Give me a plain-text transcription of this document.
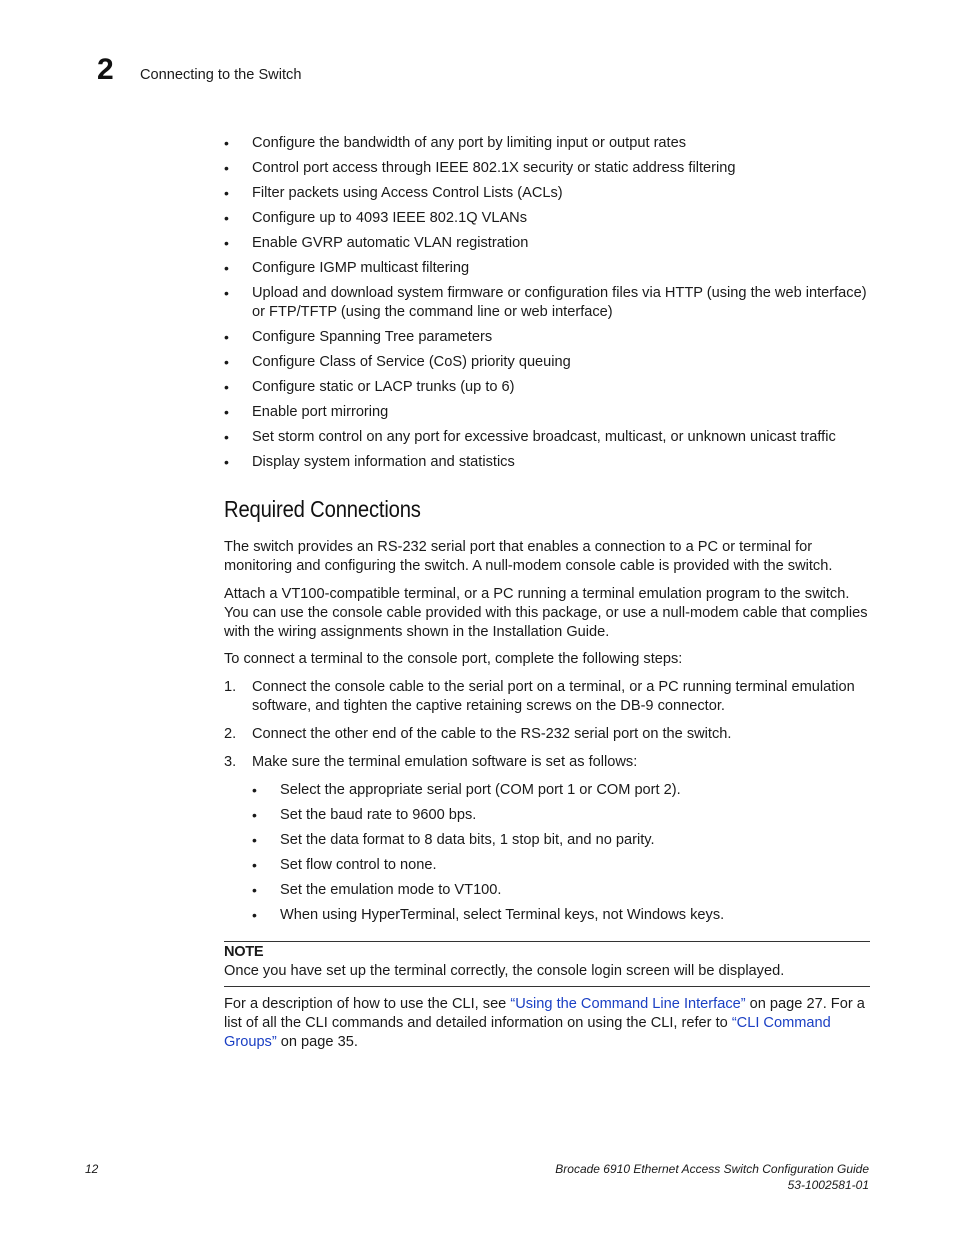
2 Connecting to the Switch
• Configure the bandwidth of any port by limiting input or output rates
• Control port access through IEEE 802.1X security or static address filtering
• Filter packets using Access Control Lists (ACLs)
• Configure up to 4093 IEEE 802.1Q VLANs
• Enable GVRP automatic VLAN registration
• Configure IGMP multicast filtering
• Upload and download system firmware or configuration files via HTTP (using the web interface) or FTP/TFTP (using the command line or web interface)
• Configure Spanning Tree parameters
• Configure Class of Service (CoS) priority queuing
• Configure static or LACP trunks (up to 6)
• Enable port mirroring
• Set storm control on any port for excessive broadcast, multicast, or unknown unicast traffic
• Display system information and statistics
Required Connections

The switch provides an RS-232 serial port that enables a connection to a PC or terminal for monitoring and configuring the switch. A null-modem console cable is provided with the switch.

Attach a VT100-compatible terminal, or a PC running a terminal emulation program to the switch. You can use the console cable provided with this package, or use a null-modem cable that complies with the wiring assignments shown in the Installation Guide.

To connect a terminal to the console port, complete the following steps:

1. Connect the console cable to the serial port on a terminal, or a PC running terminal emulation software, and tighten the captive retaining screws on the DB-9 connector.
2. Connect the other end of the cable to the RS-232 serial port on the switch.
3. Make sure the terminal emulation software is set as follows:
• Select the appropriate serial port (COM port 1 or COM port 2).
• Set the baud rate to 9600 bps.
• Set the data format to 8 data bits, 1 stop bit, and no parity.
• Set flow control to none.
• Set the emulation mode to VT100.
• When using HyperTerminal, select Terminal keys, not Windows keys.
NOTE
Once you have set up the terminal correctly, the console login screen will be displayed.

For a description of how to use the CLI, see “Using the Command Line Interface” on page 27. For a list of all the CLI commands and detailed information on using the CLI, refer to “CLI Command Groups” on page 35.

12	Brocade 6910 Ethernet Access Switch Configuration Guide
53-1002581-01
